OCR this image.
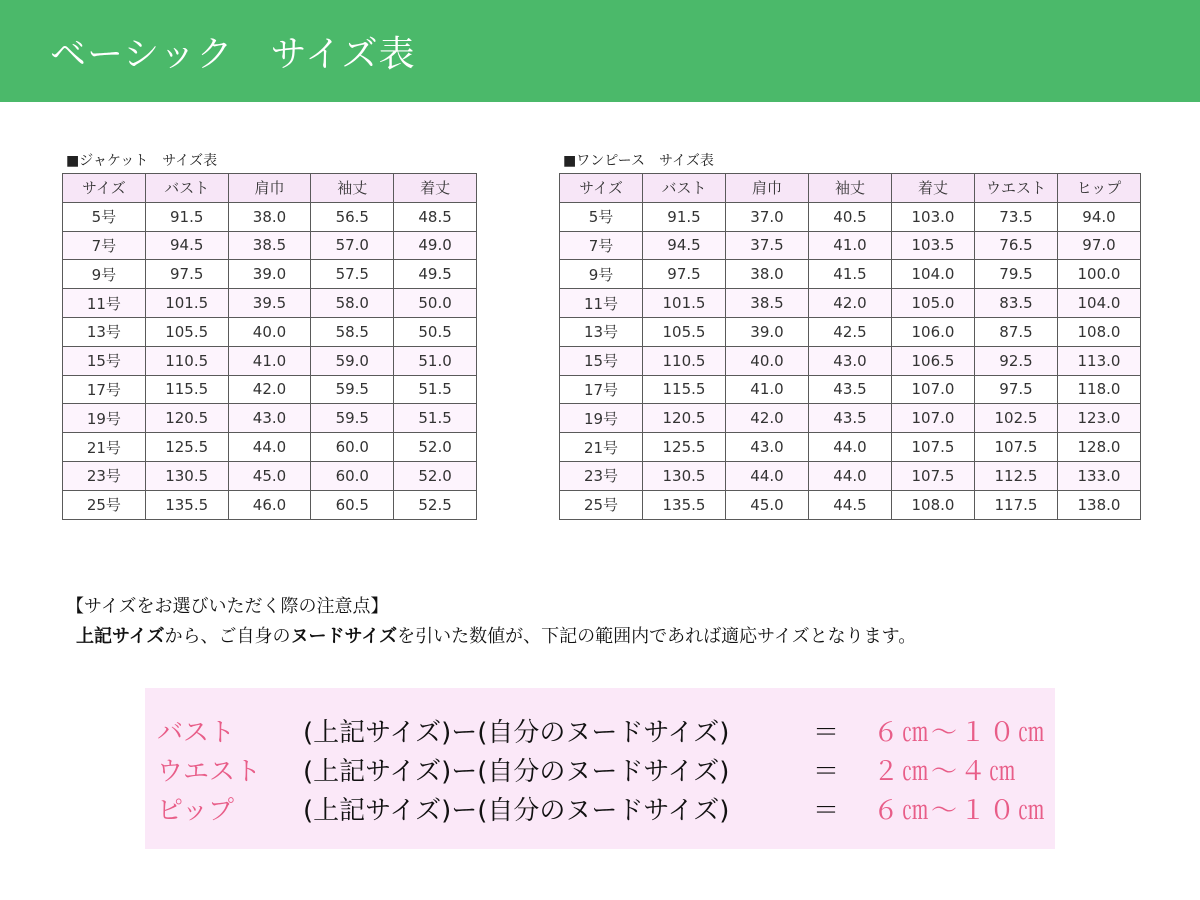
ベーシック　サイズ表
■ジャケット　サイズ表
サイズ	バスト	肩巾	袖丈	着丈
5号	91.5	38.0	56.5	48.5
7号	94.5	38.5	57.0	49.0
9号	97.5	39.0	57.5	49.5
11号	101.5	39.5	58.0	50.0
13号	105.5	40.0	58.5	50.5
15号	110.5	41.0	59.0	51.0
17号	115.5	42.0	59.5	51.5
19号	120.5	43.0	59.5	51.5
21号	125.5	44.0	60.0	52.0
23号	130.5	45.0	60.0	52.0
25号	135.5	46.0	60.5	52.5
■ワンピース　サイズ表
サイズ	バスト	肩巾	袖丈	着丈	ウエスト	ヒップ
5号	91.5	37.0	40.5	103.0	73.5	94.0
7号	94.5	37.5	41.0	103.5	76.5	97.0
9号	97.5	38.0	41.5	104.0	79.5	100.0
11号	101.5	38.5	42.0	105.0	83.5	104.0
13号	105.5	39.0	42.5	106.0	87.5	108.0
15号	110.5	40.0	43.0	106.5	92.5	113.0
17号	115.5	41.0	43.5	107.0	97.5	118.0
19号	120.5	42.0	43.5	107.0	102.5	123.0
21号	125.5	43.0	44.0	107.5	107.5	128.0
23号	130.5	44.0	44.0	107.5	112.5	133.0
25号	135.5	45.0	44.5	108.0	117.5	138.0
【サイズをお選びいただく際の注意点】
上記サイズから、ご自身のヌードサイズを引いた数値が、下記の範囲内であれば適応サイズとなります。
バスト	(上記サイズ)ー(自分のヌードサイズ)	＝ ６㎝～１０㎝
ウエスト (上記サイズ)ー(自分のヌードサイズ)	＝ ２㎝～４㎝
ピップ	(上記サイズ)ー(自分のヌードサイズ)	＝ ６㎝～１０㎝
